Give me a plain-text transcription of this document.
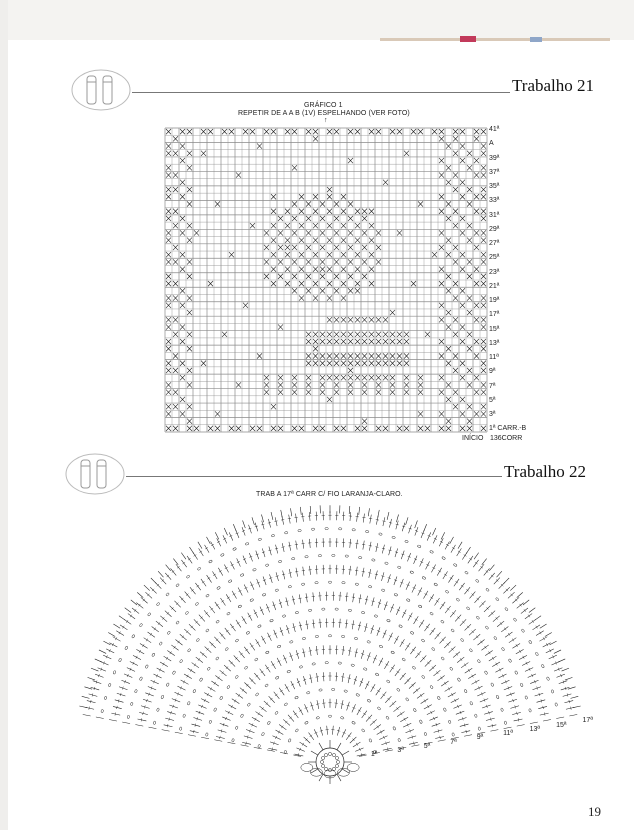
Trabalho 21
GRÁFICO 1
REPETIR DE A A B (1V) ESPELHANDO (VER FOTO)
↑
41ª
A
39ª
37ª
35ª
33ª
31ª
29ª
27ª
25ª
23ª
21ª
19ª
17ª
15ª
13ª
11ª
9ª
7ª
5ª
3ª
1ª CARR.-B
INÍCIO 136CORR
Trabalho 22
TRAB A 17ª CARR C/ FIO LARANJA-CLARO.
17ª
15ª
13ª
11ª
9ª
7ª
5ª
3ª
1ª
19
